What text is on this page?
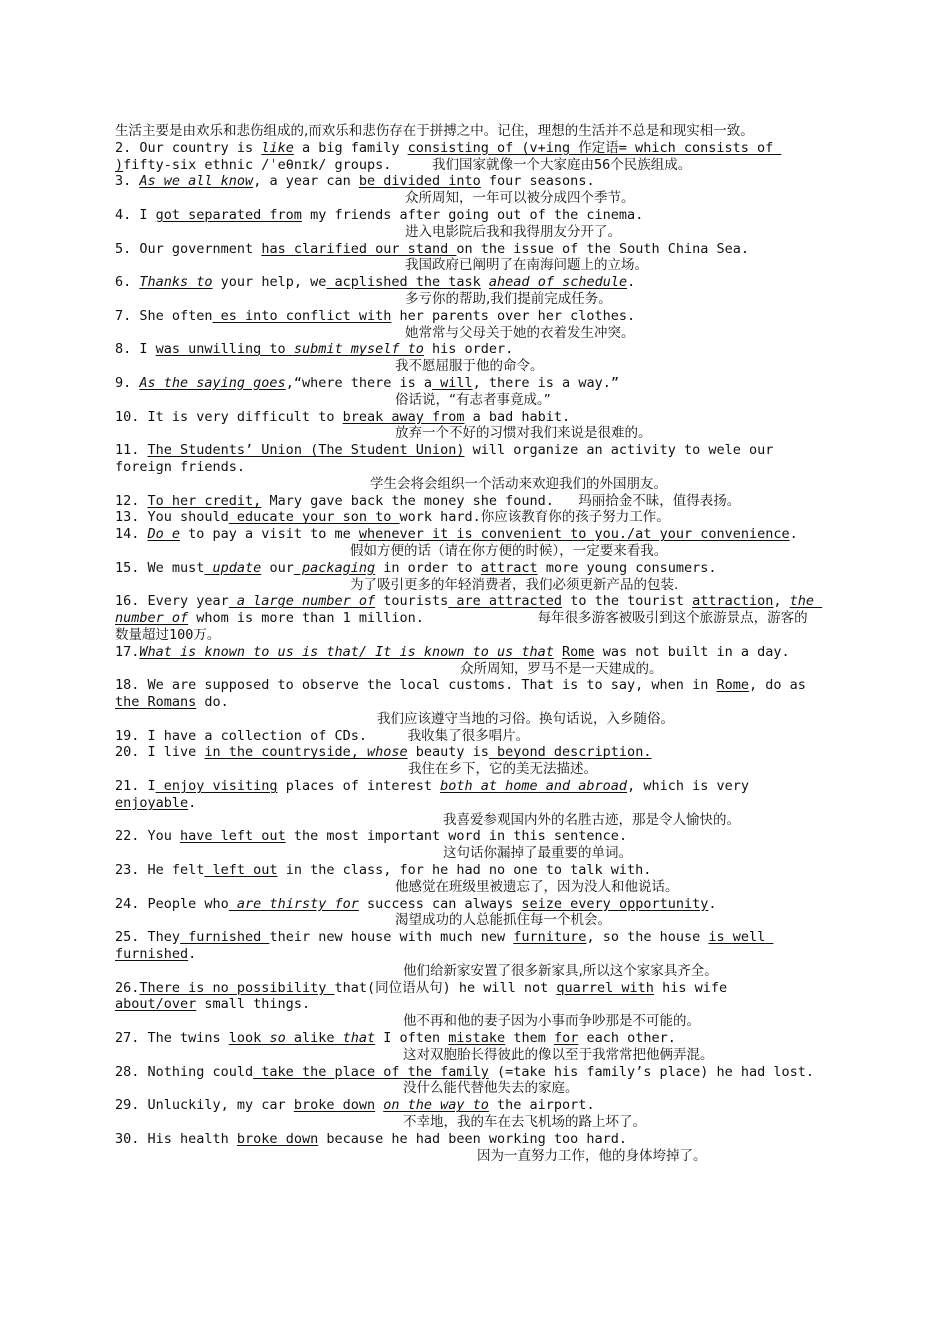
生活主要是由欢乐和悲伤组成的,而欢乐和悲伤存在于拼搏之中。记住，理想的生活并不总是和现实相一致。

2. Our country is like a big family consisting of (v+ing 作定语= which consists of )fifty-six ethnic /ˈeθnɪk/ groups.     我们国家就像一个大家庭由56个民族组成。

3. As we all know, a year can be divided into four seasons.

众所周知，一年可以被分成四个季节。

4. I got separated from my friends after going out of the cinema.

进入电影院后我和我得朋友分开了。

5. Our government has clarified our stand on the issue of the South China Sea.

我国政府已阐明了在南海问题上的立场。

6. Thanks to your help, we acplished the task ahead of schedule.

多亏你的帮助,我们提前完成任务。

7. She often es into conflict with her parents over her clothes.

她常常与父母关于她的衣着发生冲突。

8. I was unwilling to submit myself to his order.

我不愿屈服于他的命令。

9. As the saying goes,“where there is a will, there is a way.”

俗话说，“有志者事竟成。”

10. It is very difficult to break away from a bad habit.

放弃一个不好的习惯对我们来说是很难的。

11. The Students’ Union (The Student Union) will organize an activity to wele our foreign friends.

学生会将会组织一个活动来欢迎我们的外国朋友。

12. To her credit, Mary gave back the money she found.   玛丽拾金不昧，值得表扬。

13. You should educate your son to work hard.你应该教育你的孩子努力工作。

14. Do e to pay a visit to me whenever it is convenient to you./at your convenience.

假如方便的话（请在你方便的时候），一定要来看我。

15. We must update our packaging in order to attract more young consumers.

为了吸引更多的年轻消费者，我们必须更新产品的包装.

16. Every year a large number of tourists are attracted to the tourist attraction, the number of whom is more than 1 million.              每年很多游客被吸引到这个旅游景点，游客的数量超过100万。

17.What is known to us is that/ It is known to us that Rome was not built in a day.

众所周知，罗马不是一天建成的。

18. We are supposed to observe the local customs. That is to say, when in Rome, do as the Romans do.

我们应该遵守当地的习俗。换句话说，入乡随俗。

19. I have a collection of CDs.     我收集了很多唱片。

20. I live in the countryside, whose beauty is beyond description.

我住在乡下，它的美无法描述。

21. I enjoy visiting places of interest both at home and abroad, which is very enjoyable.

我喜爱参观国内外的名胜古迹，那是令人愉快的。

22. You have left out the most important word in this sentence.

这句话你漏掉了最重要的单词。

23. He felt left out in the class, for he had no one to talk with.

他感觉在班级里被遗忘了，因为没人和他说话。

24. People who are thirsty for success can always seize every opportunity.

渴望成功的人总能抓住每一个机会。

25. They furnished their new house with much new furniture, so the house is well furnished.

他们给新家安置了很多新家具,所以这个家家具齐全。

26.There is no possibility that(同位语从句) he will not quarrel with his wife about/over small things.

他不再和他的妻子因为小事而争吵那是不可能的。

27. The twins look so alike that I often mistake them for each other.

这对双胞胎长得彼此的像以至于我常常把他俩弄混。

28. Nothing could take the place of the family (=take his family’s place) he had lost.

没什么能代替他失去的家庭。

29. Unluckily, my car broke down on the way to the airport.

不幸地，我的车在去飞机场的路上坏了。

30. His health broke down because he had been working too hard.

因为一直努力工作，他的身体垮掉了。
